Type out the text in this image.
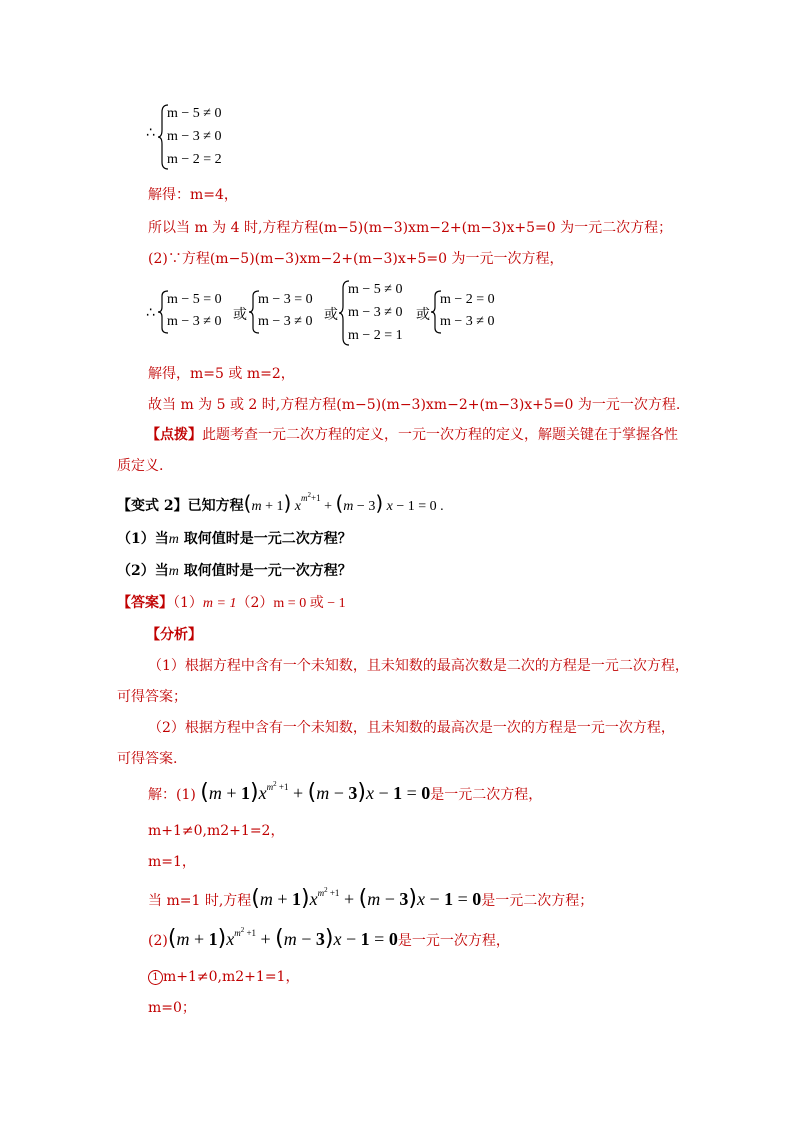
∴
m − 5 ≠ 0
m − 3 ≠ 0
m − 2 = 2
解得：m=4，
所以当 m 为 4 时,方程方程(m−5)(m−3)xm−2+(m−3)x+5=0 为一元二次方程；
(2)∵方程(m−5)(m−3)xm−2+(m−3)x+5=0 为一元一次方程，
∴
m − 5 = 0
m − 3 ≠ 0 或
m − 3 = 0
m − 3 ≠ 0 或
m − 5 ≠ 0
m − 3 ≠ 0
m − 2 = 1
或
m − 2 = 0
m − 3 ≠ 0
解得，m=5 或 m=2，
故当 m 为 5 或 2 时,方程方程(m−5)(m−3)xm−2+(m−3)x+5=0 为一元一次方程.
【点拨】此题考查一元二次方程的定义，一元一次方程的定义，解题关键在于掌握各性
质定义.
【变式 2】已知方程(m + 1) $x^{m^2+1} + (m - 3) x - 1 = 0$ .
（1）当m 取何值时是一元二次方程？
（2）当m 取何值时是一元一次方程？
【答案】（1）m = 1（2）m = 0 或 − 1
【分析】
（1）根据方程中含有一个未知数，且未知数的最高次数是二次的方程是一元二次方程，
可得答案；
（2）根据方程中含有一个未知数，且未知数的最高次是一次的方程是一元一次方程，
可得答案.
解：(1) $(m + 1)x^{m^2 +1} + (m - 3)x - 1 = 0$是一元二次方程，
m+1≠0,m2+1=2，
m=1，
当 m=1 时,方程$(m + 1)x^{m^2 +1} + (m - 3)x - 1 = 0$是一元二次方程；
$(2)(m + 1)x^{m^2 +1} + (m - 3)x - 1 = 0$是一元一次方程，
1 m+1≠0,m2+1=1，
m=0；
